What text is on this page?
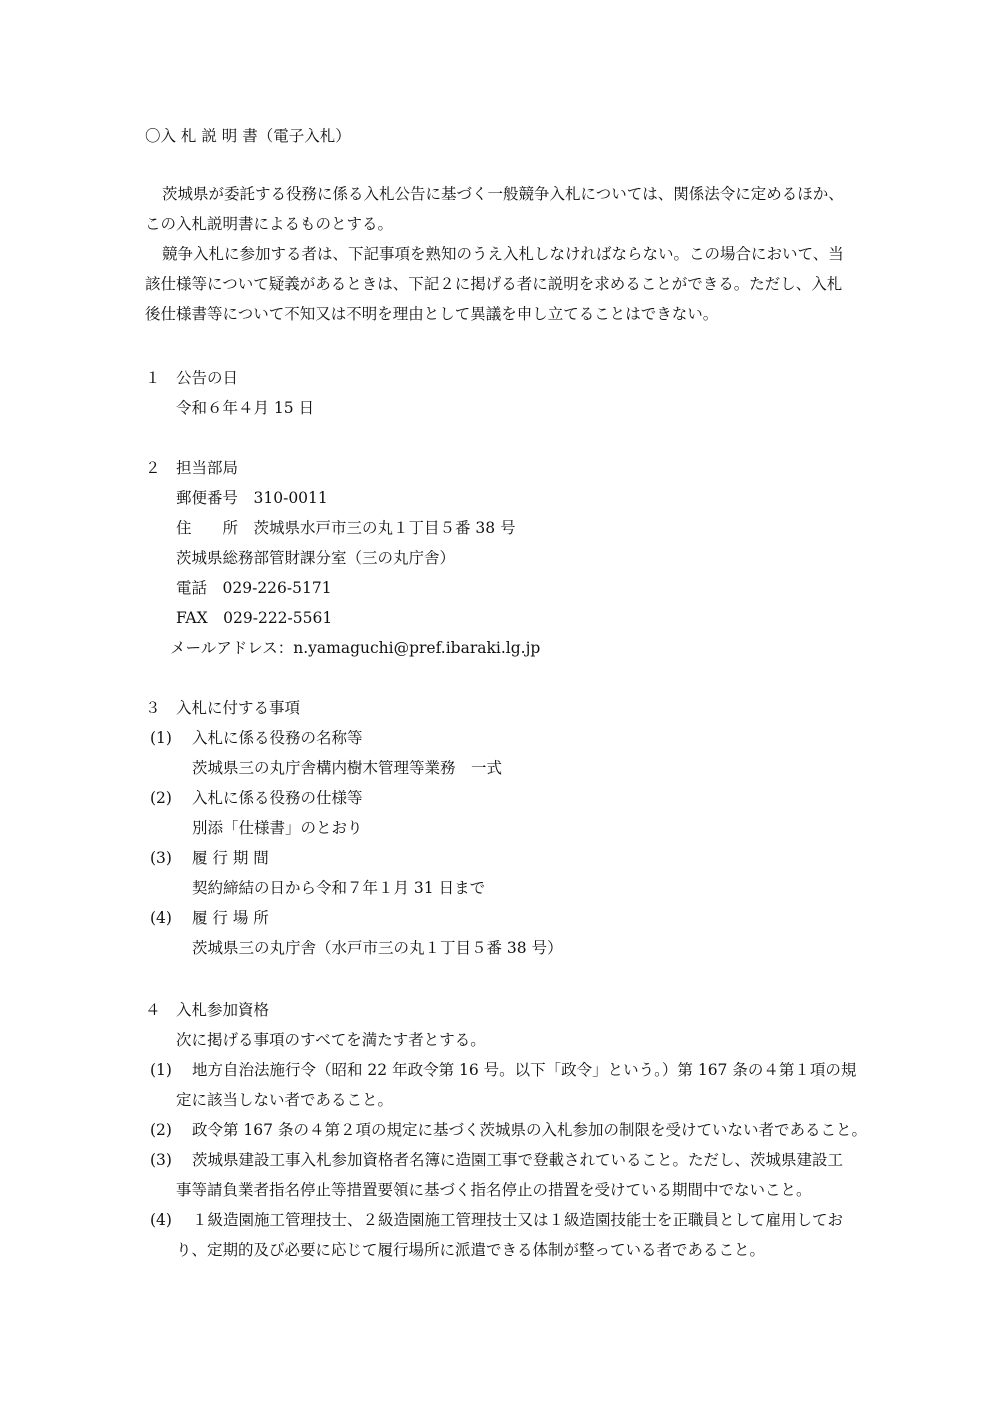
〇入 札 説 明 書（電子入札）
茨城県が委託する役務に係る入札公告に基づく一般競争入札については、関係法令に定めるほか、
この入札説明書によるものとする。
競争入札に参加する者は、下記事項を熟知のうえ入札しなければならない。この場合において、当
該仕様等について疑義があるときは、下記２に掲げる者に説明を求めることができる。ただし、入札
後仕様書等について不知又は不明を理由として異議を申し立てることはできない。
１　公告の日
令和６年４月 15 日
２　担当部局
郵便番号　310-0011
住　　所　茨城県水戸市三の丸１丁目５番 38 号
茨城県総務部管財課分室（三の丸庁舎）
電話　029-226-5171
FAX　029-222-5561
メールアドレス：n.yamaguchi@pref.ibaraki.lg.jp
３　入札に付する事項
(1) 入札に係る役務の名称等
茨城県三の丸庁舎構内樹木管理等業務　一式
(2) 入札に係る役務の仕様等
別添「仕様書」のとおり
(3) 履 行 期 間
契約締結の日から令和７年１月 31 日まで
(4) 履 行 場 所
茨城県三の丸庁舎（水戸市三の丸１丁目５番 38 号）
４　入札参加資格
次に掲げる事項のすべてを満たす者とする。
(1) 地方自治法施行令（昭和 22 年政令第 16 号。以下「政令」という。）第 167 条の４第１項の規
定に該当しない者であること。
(2) 政令第 167 条の４第２項の規定に基づく茨城県の入札参加の制限を受けていない者であること。
(3) 茨城県建設工事入札参加資格者名簿に造園工事で登載されていること。ただし、茨城県建設工
事等請負業者指名停止等措置要領に基づく指名停止の措置を受けている期間中でないこと。
(4) １級造園施工管理技士、２級造園施工管理技士又は１級造園技能士を正職員として雇用してお
り、定期的及び必要に応じて履行場所に派遣できる体制が整っている者であること。
